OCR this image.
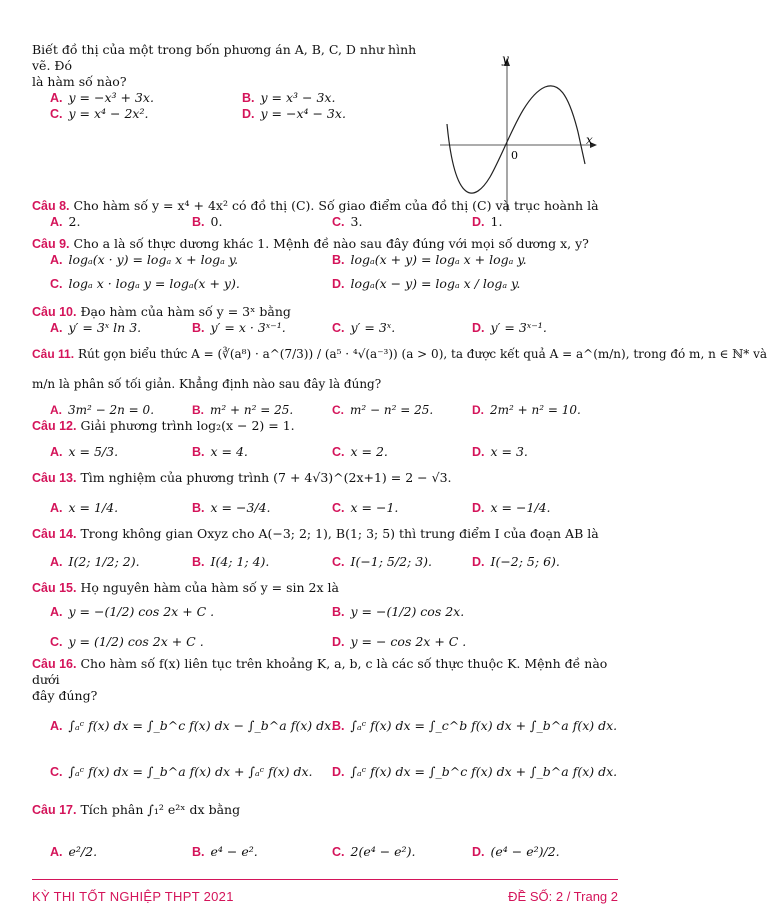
Biết đồ thị của một trong bốn phương án A, B, C, D như hình vẽ. Đó

là hàm số nào?

A. y = −x³ + 3x.	B. y = x³ − 3x.
C. y = x⁴ − 2x².	D. y = −x⁴ − 3x.
y
x
0

Câu 8. Cho hàm số y = x⁴ + 4x² có đồ thị (C). Số giao điểm của đồ thị (C) và trục hoành là

A. 2.	B. 0.	C. 3.	D. 1.

Câu 9. Cho a là số thực dương khác 1. Mệnh đề nào sau đây đúng với mọi số dương x, y?

A. logₐ(x · y) = logₐ x + logₐ y.	B. logₐ(x + y) = logₐ x + logₐ y.
C. logₐ x · logₐ y = logₐ(x + y).	D. logₐ(x − y) = logₐ x / logₐ y.

Câu 10. Đạo hàm của hàm số y = 3ˣ bằng

A. y′ = 3ˣ ln 3.	B. y′ = x · 3ˣ⁻¹.	C. y′ = 3ˣ.	D. y′ = 3ˣ⁻¹.

Câu 11. Rút gọn biểu thức A = (∛(a⁸) · a^(7/3)) / (a⁵ · ⁴√(a⁻³)) (a > 0), ta được kết quả A = a^(m/n), trong đó m, n ∈ ℕ* và

m/n là phân số tối giản. Khẳng định nào sau đây là đúng?

A. 3m² − 2n = 0.	B. m² + n² = 25.	C. m² − n² = 25.	D. 2m² + n² = 10.

Câu 12. Giải phương trình log₂(x − 2) = 1.

A. x = 5/3.	B. x = 4.	C. x = 2.	D. x = 3.

Câu 13. Tìm nghiệm của phương trình (7 + 4√3)^(2x+1) = 2 − √3.

A. x = 1/4.	B. x = −3/4.	C. x = −1.	D. x = −1/4.

Câu 14. Trong không gian Oxyz cho A(−3; 2; 1), B(1; 3; 5) thì trung điểm I của đoạn AB là

A. I(2; 1/2; 2).	B. I(4; 1; 4).	C. I(−1; 5/2; 3).	D. I(−2; 5; 6).

Câu 15. Họ nguyên hàm của hàm số y = sin 2x là

A. y = −(1/2) cos 2x + C .	B. y = −(1/2) cos 2x.
C. y = (1/2) cos 2x + C .	D. y = − cos 2x + C .

Câu 16. Cho hàm số f(x) liên tục trên khoảng K, a, b, c là các số thực thuộc K. Mệnh đề nào dưới

đây đúng?

A. ∫ₐᶜ f(x) dx = ∫_b^c f(x) dx − ∫_b^a f(x) dx.
B. ∫ₐᶜ f(x) dx = ∫_c^b f(x) dx + ∫_b^a f(x) dx.
C. ∫ₐᶜ f(x) dx = ∫_b^a f(x) dx + ∫ₐᶜ f(x) dx. D. ∫ₐᶜ f(x) dx = ∫_b^c f(x) dx + ∫_b^a f(x) dx.

Câu 17. Tích phân ∫₁² e²ˣ dx bằng

A. e²/2.	B. e⁴ − e².	C. 2(e⁴ − e²).	D. (e⁴ − e²)/2.
KỲ THI TỐT NGHIỆP THPT 2021	ĐỀ SỐ: 2 / Trang 2
